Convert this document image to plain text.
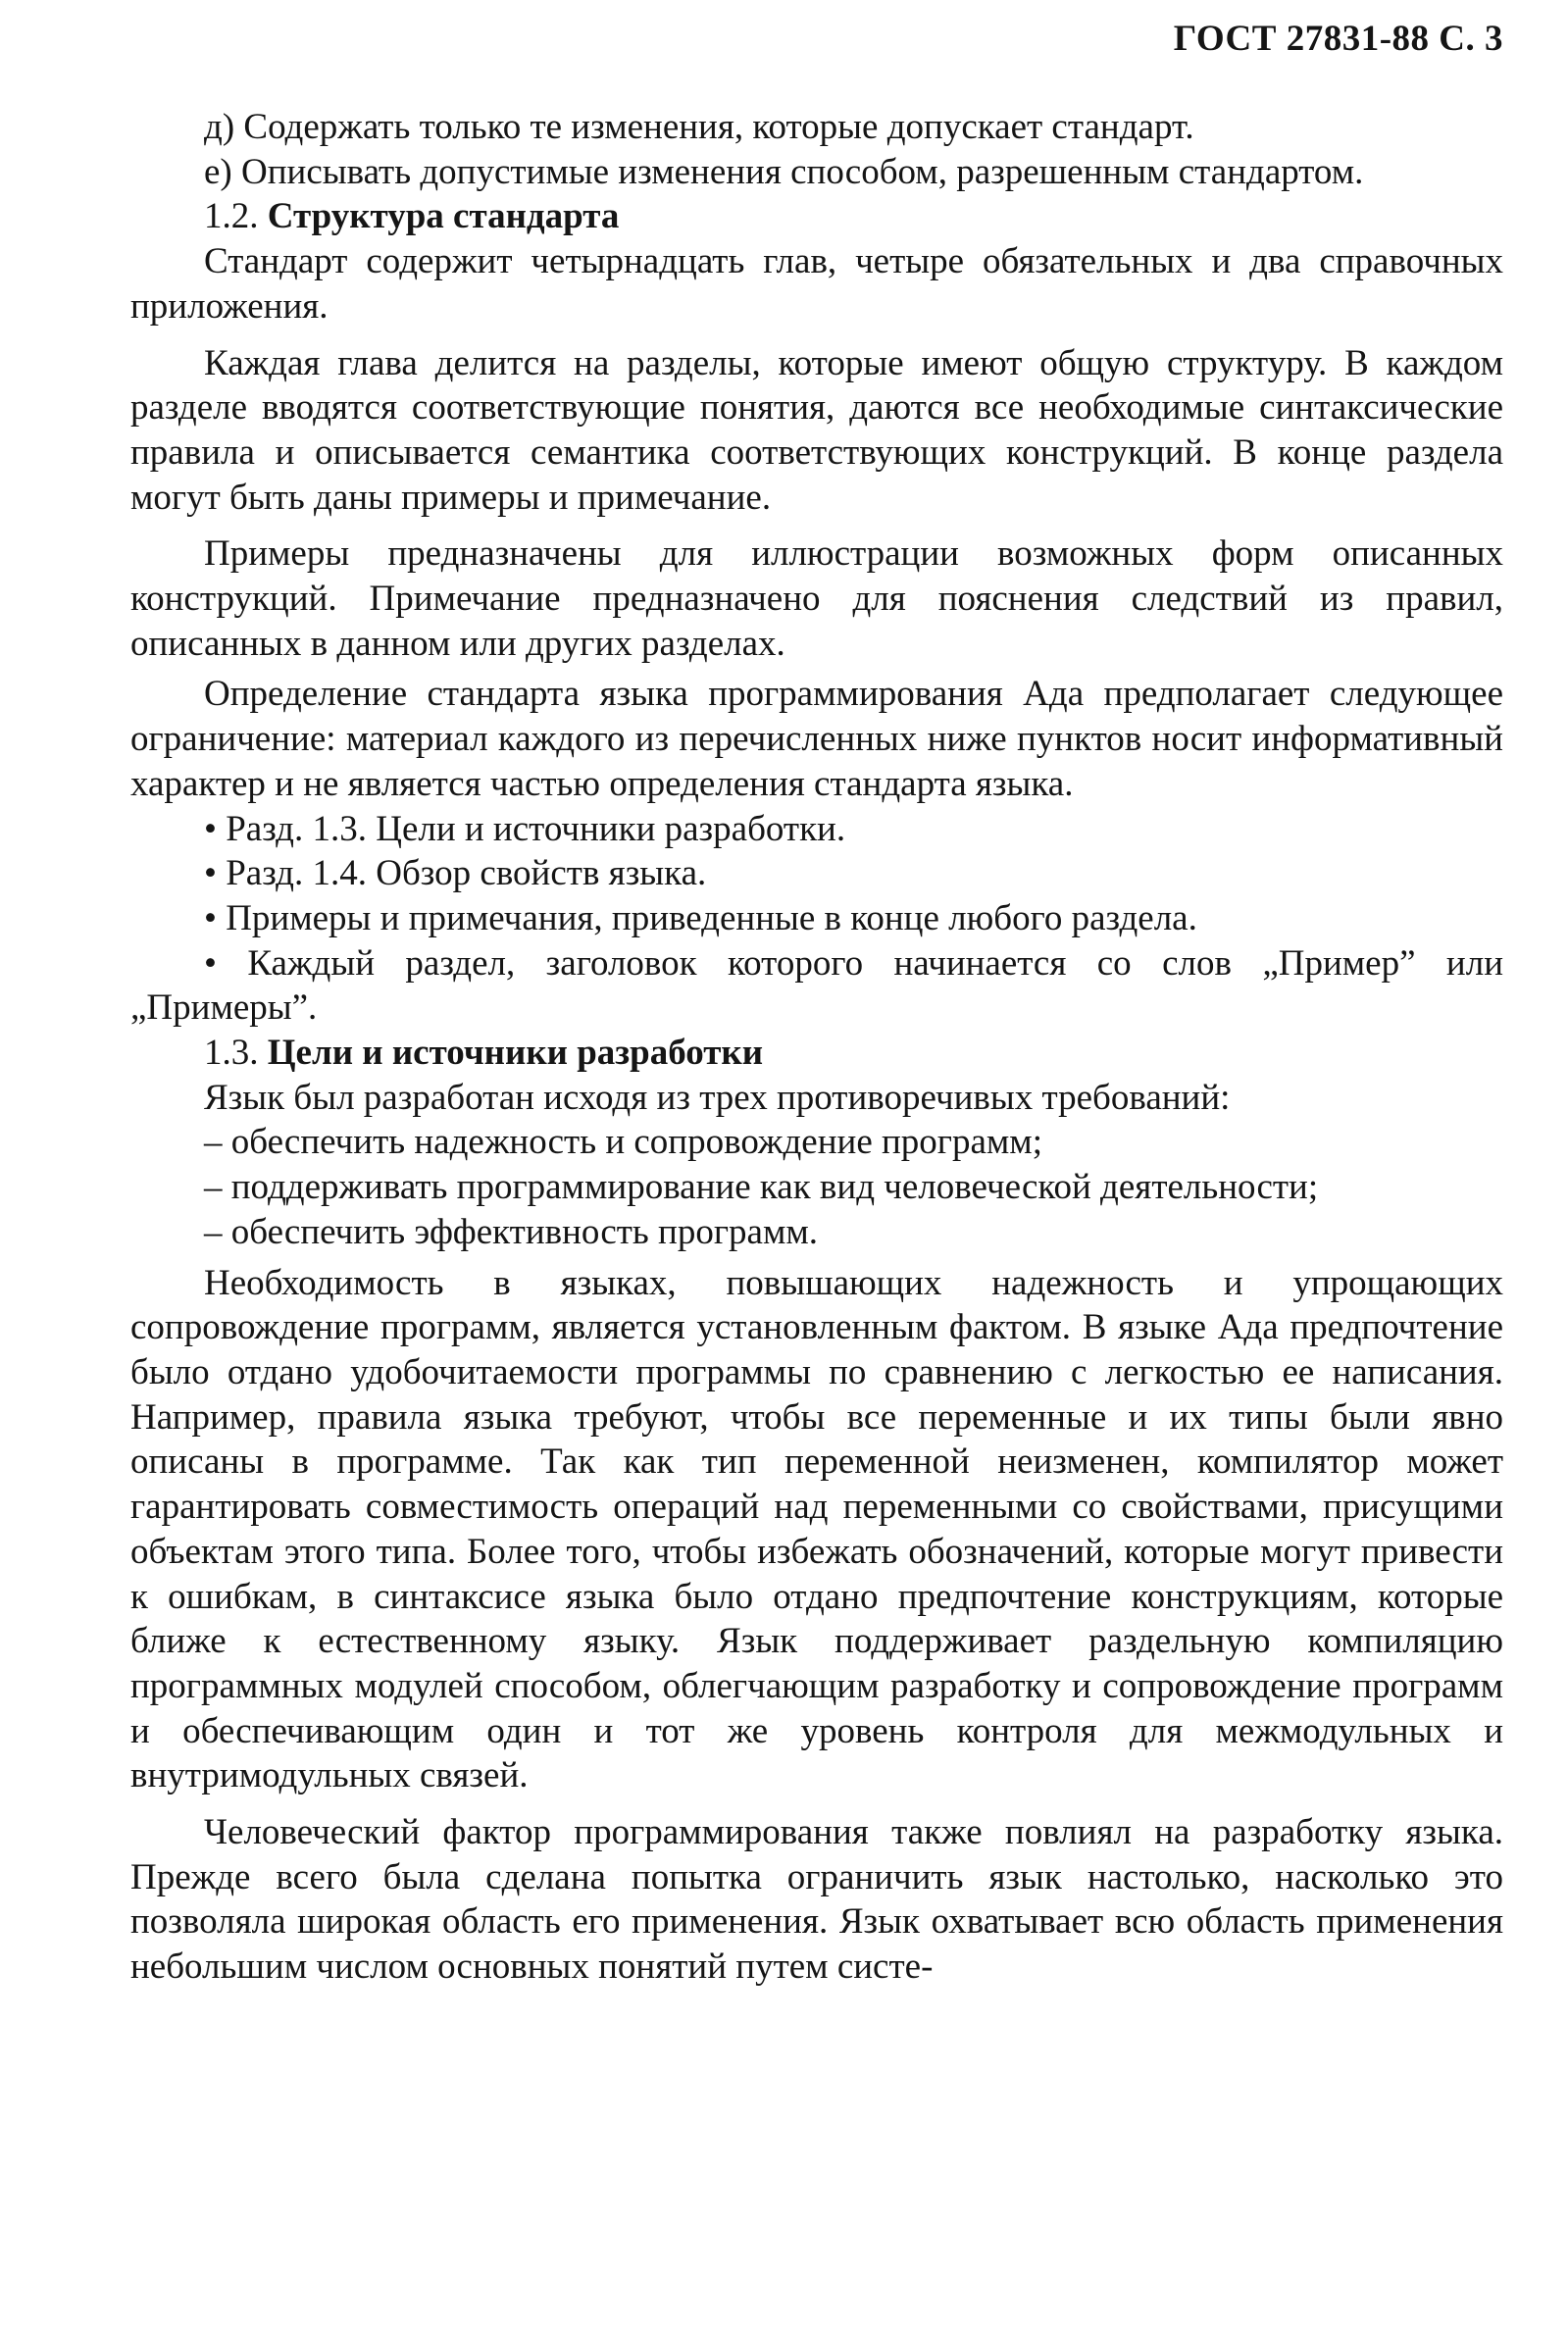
ГОСТ 27831-88 С. 3

д) Содержать только те изменения, которые допускает стандарт.

е) Описывать допустимые изменения способом, разрешенным стандартом.

1.2. Структура стандарта

Стандарт содержит четырнадцать глав, четыре обязательных и два справочных приложения.

Каждая глава делится на разделы, которые имеют общую структуру. В каждом разделе вводятся соответствующие понятия, даются все необходимые синтаксические правила и описывается семантика соответствующих конструкций. В конце раздела могут быть даны примеры и примечание.

Примеры предназначены для иллюстрации возможных форм описанных конструкций. Примечание предназначено для пояснения следствий из правил, описанных в данном или других разделах.

Определение стандарта языка программирования Ада предполагает следующее ограничение: материал каждого из перечисленных ниже пунктов носит информативный характер и не является частью определения стандарта языка.

• Разд. 1.3. Цели и источники разработки.

• Разд. 1.4. Обзор свойств языка.

• Примеры и примечания, приведенные в конце любого раздела.

• Каждый раздел, заголовок которого начинается со слов „Пример” или „Примеры”.

1.3. Цели и источники разработки

Язык был разработан исходя из трех противоречивых требований:

– обеспечить надежность и сопровождение программ;

– поддерживать программирование как вид человеческой деятельности;

– обеспечить эффективность программ.

Необходимость в языках, повышающих надежность и упрощающих сопровождение программ, является установленным фактом. В языке Ада предпочтение было отдано удобочитаемости программы по сравнению с легкостью ее написания. Например, правила языка требуют, чтобы все переменные и их типы были явно описаны в программе. Так как тип переменной неизменен, компилятор может гарантировать совместимость операций над переменными со свойствами, присущими объектам этого типа. Более того, чтобы избежать обозначений, которые могут привести к ошибкам, в синтаксисе языка было отдано предпочтение конструкциям, которые ближе к естественному языку. Язык поддерживает раздельную компиляцию программных модулей способом, облегчающим разработку и сопровождение программ и обеспечивающим один и тот же уровень контроля для межмодульных и внутримодульных связей.

Человеческий фактор программирования также повлиял на разработку языка. Прежде всего была сделана попытка ограничить язык настолько, насколько это позволяла широкая область его применения. Язык охватывает всю область применения небольшим числом основных понятий путем систе-
